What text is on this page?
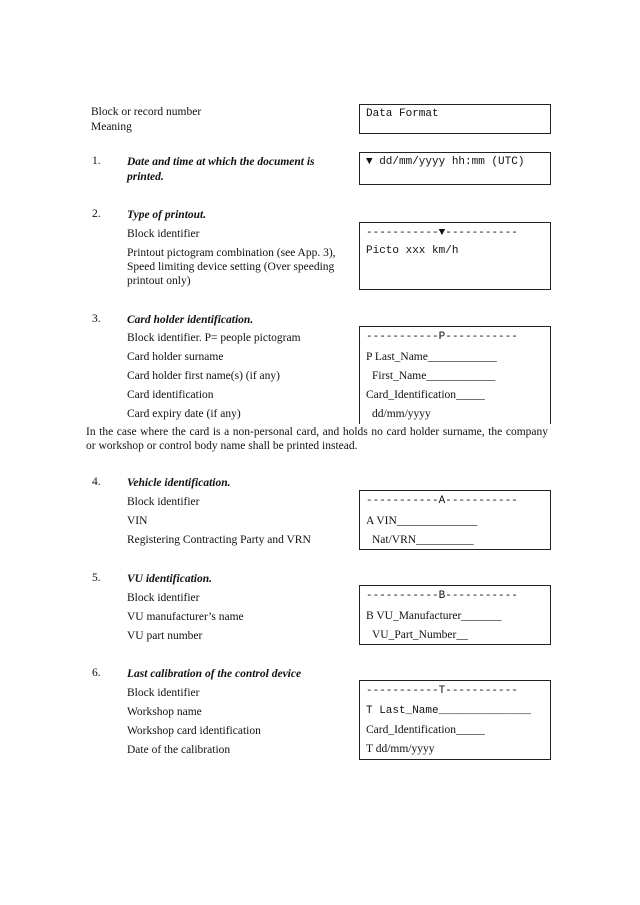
Block or record number
Meaning
Data Format
1. Date and time at which the document is
printed.
▼ dd/mm/yyyy hh:mm (UTC)
2. Type of printout.
Block identifier
Printout pictogram combination (see App. 3),
Speed limiting device setting (Over speeding
printout only)
-----------▼-----------
Picto xxx km/h
3. Card holder identification.
Block identifier. P= people pictogram
Card holder surname
Card holder first name(s) (if any)
Card identification
Card expiry date (if any)
-----------P-----------
P Last_Name____________
First_Name____________
Card_Identification_____
dd/mm/yyyy
In the case where the card is a non-personal card, and holds no card holder surname, the company or workshop or control body name shall be printed instead.
4. Vehicle identification.
Block identifier
VIN
Registering Contracting Party and VRN
-----------A-----------
A VIN______________
Nat/VRN__________
5. VU identification.
Block identifier
VU manufacturer’s name
VU part number
-----------B-----------
B VU_Manufacturer_______
VU_Part_Number__
6. Last calibration of the control device
Block identifier
Workshop name
Workshop card identification
Date of the calibration
-----------T-----------
T Last_Name______________
Card_Identification_____
T dd/mm/yyyy
